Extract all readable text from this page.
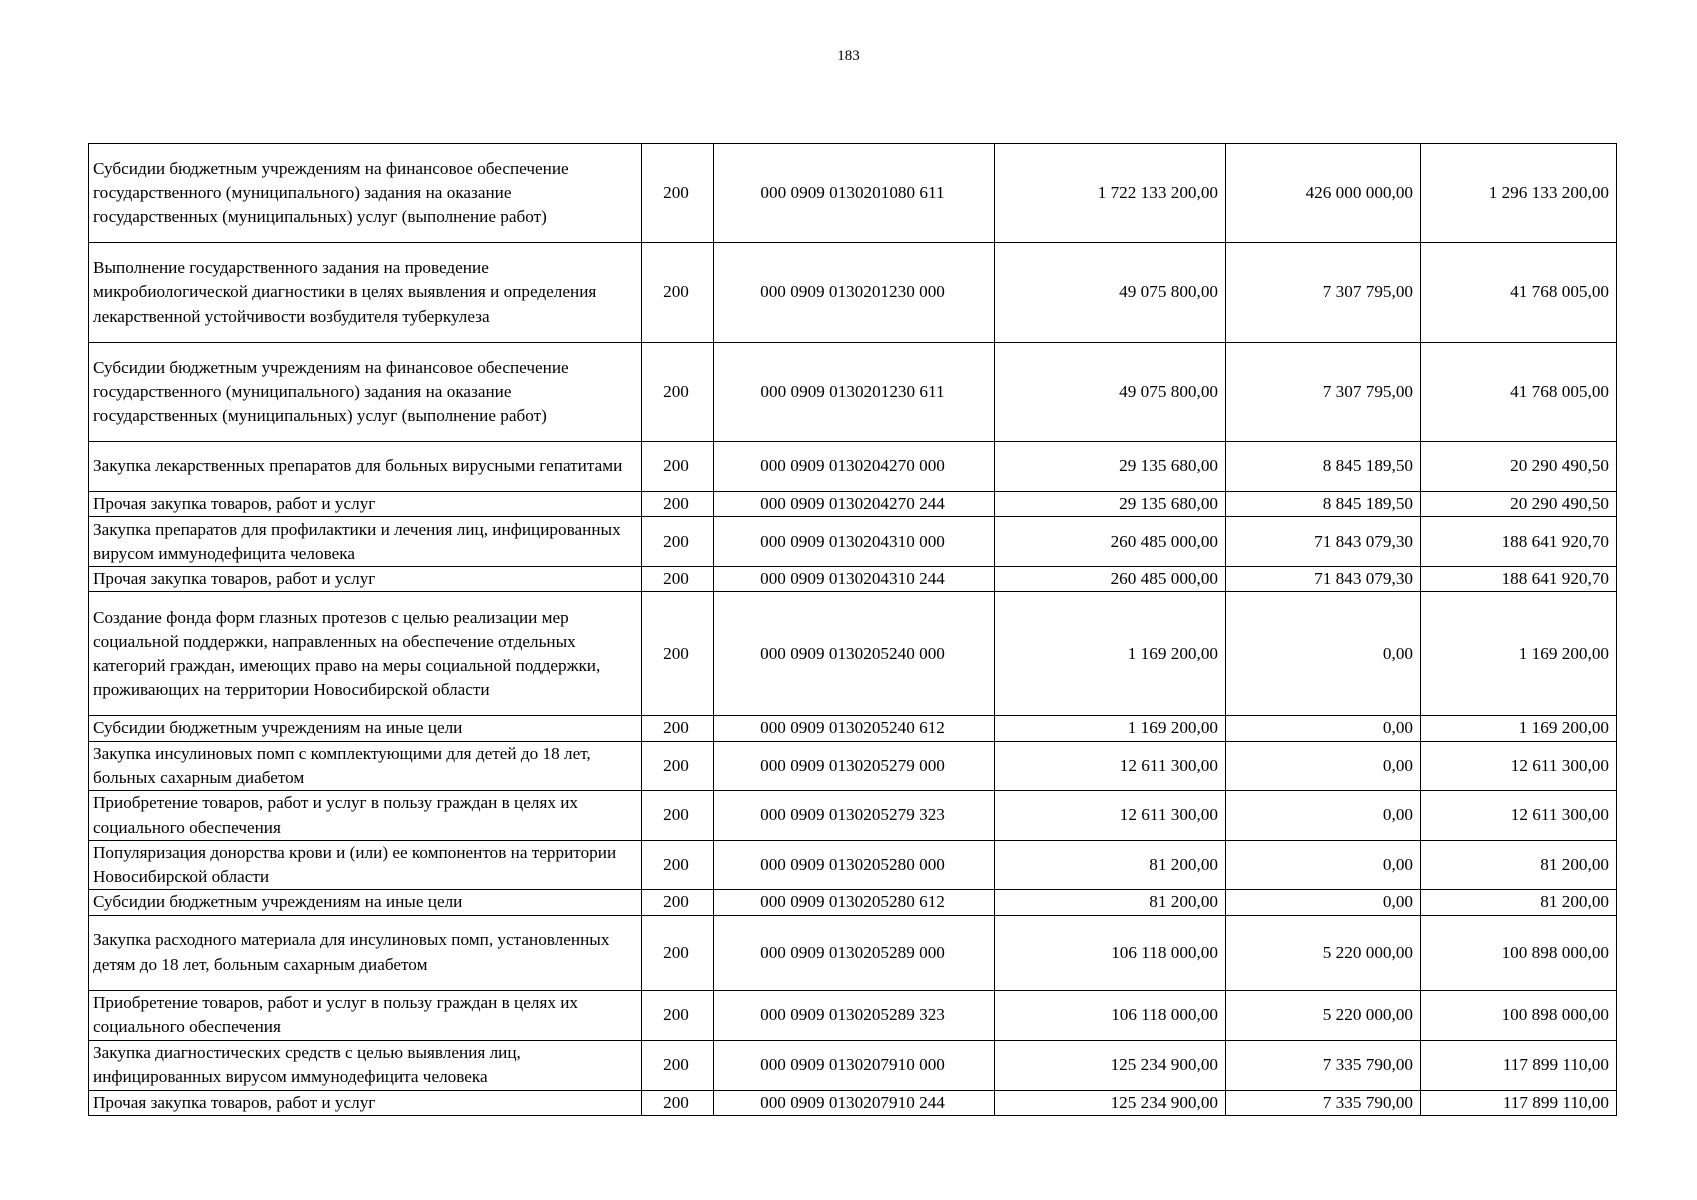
183
Субсидии бюджетным учреждениям на финансовое обеспечение государственного (муниципального) задания на оказание государственных (муниципальных) услуг (выполнение работ)	200	000 0909 0130201080 611	1 722 133 200,00	426 000 000,00	1 296 133 200,00
Выполнение государственного задания на проведение микробиологической диагностики в целях выявления и определения лекарственной устойчивости возбудителя туберкулеза	200	000 0909 0130201230 000	49 075 800,00	7 307 795,00	41 768 005,00
Субсидии бюджетным учреждениям на финансовое обеспечение государственного (муниципального) задания на оказание государственных (муниципальных) услуг (выполнение работ)	200	000 0909 0130201230 611	49 075 800,00	7 307 795,00	41 768 005,00
Закупка лекарственных препаратов для больных вирусными гепатитами	200	000 0909 0130204270 000	29 135 680,00	8 845 189,50	20 290 490,50
Прочая закупка товаров, работ и услуг	200	000 0909 0130204270 244	29 135 680,00	8 845 189,50	20 290 490,50
Закупка препаратов для профилактики и лечения лиц, инфицированных вирусом иммунодефицита человека	200	000 0909 0130204310 000	260 485 000,00	71 843 079,30	188 641 920,70
Прочая закупка товаров, работ и услуг	200	000 0909 0130204310 244	260 485 000,00	71 843 079,30	188 641 920,70
Создание фонда форм глазных протезов с целью реализации мер социальной поддержки, направленных на обеспечение отдельных категорий граждан, имеющих право на меры социальной поддержки, проживающих на территории Новосибирской области	200	000 0909 0130205240 000	1 169 200,00	0,00	1 169 200,00
Субсидии бюджетным учреждениям на иные цели	200	000 0909 0130205240 612	1 169 200,00	0,00	1 169 200,00
Закупка инсулиновых помп с комплектующими для детей до 18 лет, больных сахарным диабетом	200	000 0909 0130205279 000	12 611 300,00	0,00	12 611 300,00
Приобретение товаров, работ и услуг в пользу граждан в целях их социального обеспечения	200	000 0909 0130205279 323	12 611 300,00	0,00	12 611 300,00
Популяризация донорства крови и (или) ее компонентов на территории Новосибирской области	200	000 0909 0130205280 000	81 200,00	0,00	81 200,00
Субсидии бюджетным учреждениям на иные цели	200	000 0909 0130205280 612	81 200,00	0,00	81 200,00
Закупка расходного материала для инсулиновых помп, установленных детям до 18 лет, больным сахарным диабетом	200	000 0909 0130205289 000	106 118 000,00	5 220 000,00	100 898 000,00
Приобретение товаров, работ и услуг в пользу граждан в целях их социального обеспечения	200	000 0909 0130205289 323	106 118 000,00	5 220 000,00	100 898 000,00
Закупка диагностических средств с целью выявления лиц, инфицированных вирусом иммунодефицита человека	200	000 0909 0130207910 000	125 234 900,00	7 335 790,00	117 899 110,00
Прочая закупка товаров, работ и услуг	200	000 0909 0130207910 244	125 234 900,00	7 335 790,00	117 899 110,00
